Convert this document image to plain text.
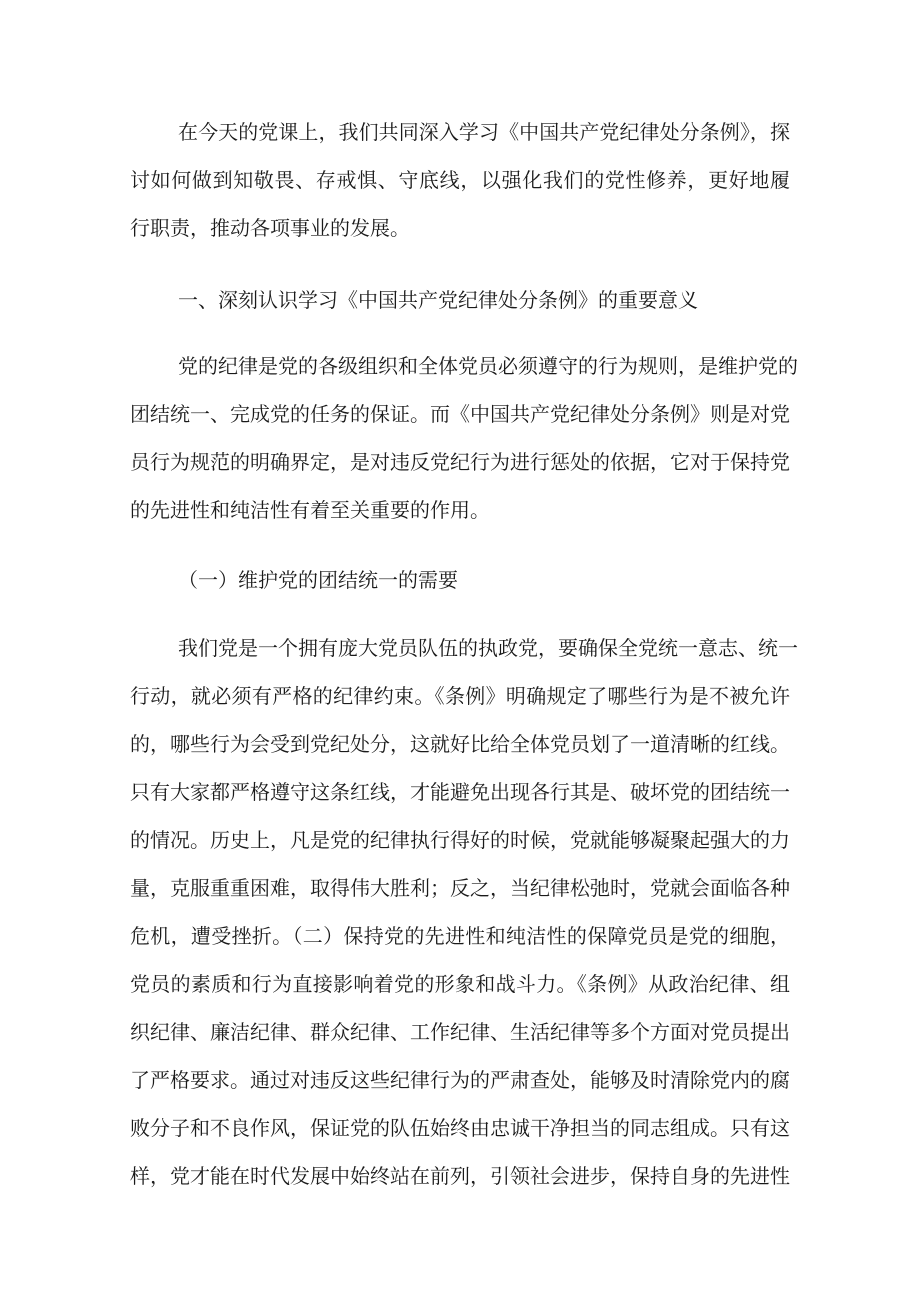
在今天的党课上，我们共同深入学习《中国共产党纪律处分条例》，探
讨如何做到知敬畏、存戒惧、守底线，以强化我们的党性修养，更好地履
行职责，推动各项事业的发展。
一、深刻认识学习《中国共产党纪律处分条例》的重要意义
党的纪律是党的各级组织和全体党员必须遵守的行为规则，是维护党的
团结统一、完成党的任务的保证。而《中国共产党纪律处分条例》则是对党
员行为规范的明确界定，是对违反党纪行为进行惩处的依据，它对于保持党
的先进性和纯洁性有着至关重要的作用。
（一）维护党的团结统一的需要
我们党是一个拥有庞大党员队伍的执政党，要确保全党统一意志、统一
行动，就必须有严格的纪律约束。《条例》明确规定了哪些行为是不被允许
的，哪些行为会受到党纪处分，这就好比给全体党员划了一道清晰的红线。
只有大家都严格遵守这条红线，才能避免出现各行其是、破坏党的团结统一
的情况。历史上，凡是党的纪律执行得好的时候，党就能够凝聚起强大的力
量，克服重重困难，取得伟大胜利；反之，当纪律松弛时，党就会面临各种
危机，遭受挫折。（二）保持党的先进性和纯洁性的保障党员是党的细胞，
党员的素质和行为直接影响着党的形象和战斗力。《条例》从政治纪律、组
织纪律、廉洁纪律、群众纪律、工作纪律、生活纪律等多个方面对党员提出
了严格要求。通过对违反这些纪律行为的严肃查处，能够及时清除党内的腐
败分子和不良作风，保证党的队伍始终由忠诚干净担当的同志组成。只有这
样，党才能在时代发展中始终站在前列，引领社会进步，保持自身的先进性
